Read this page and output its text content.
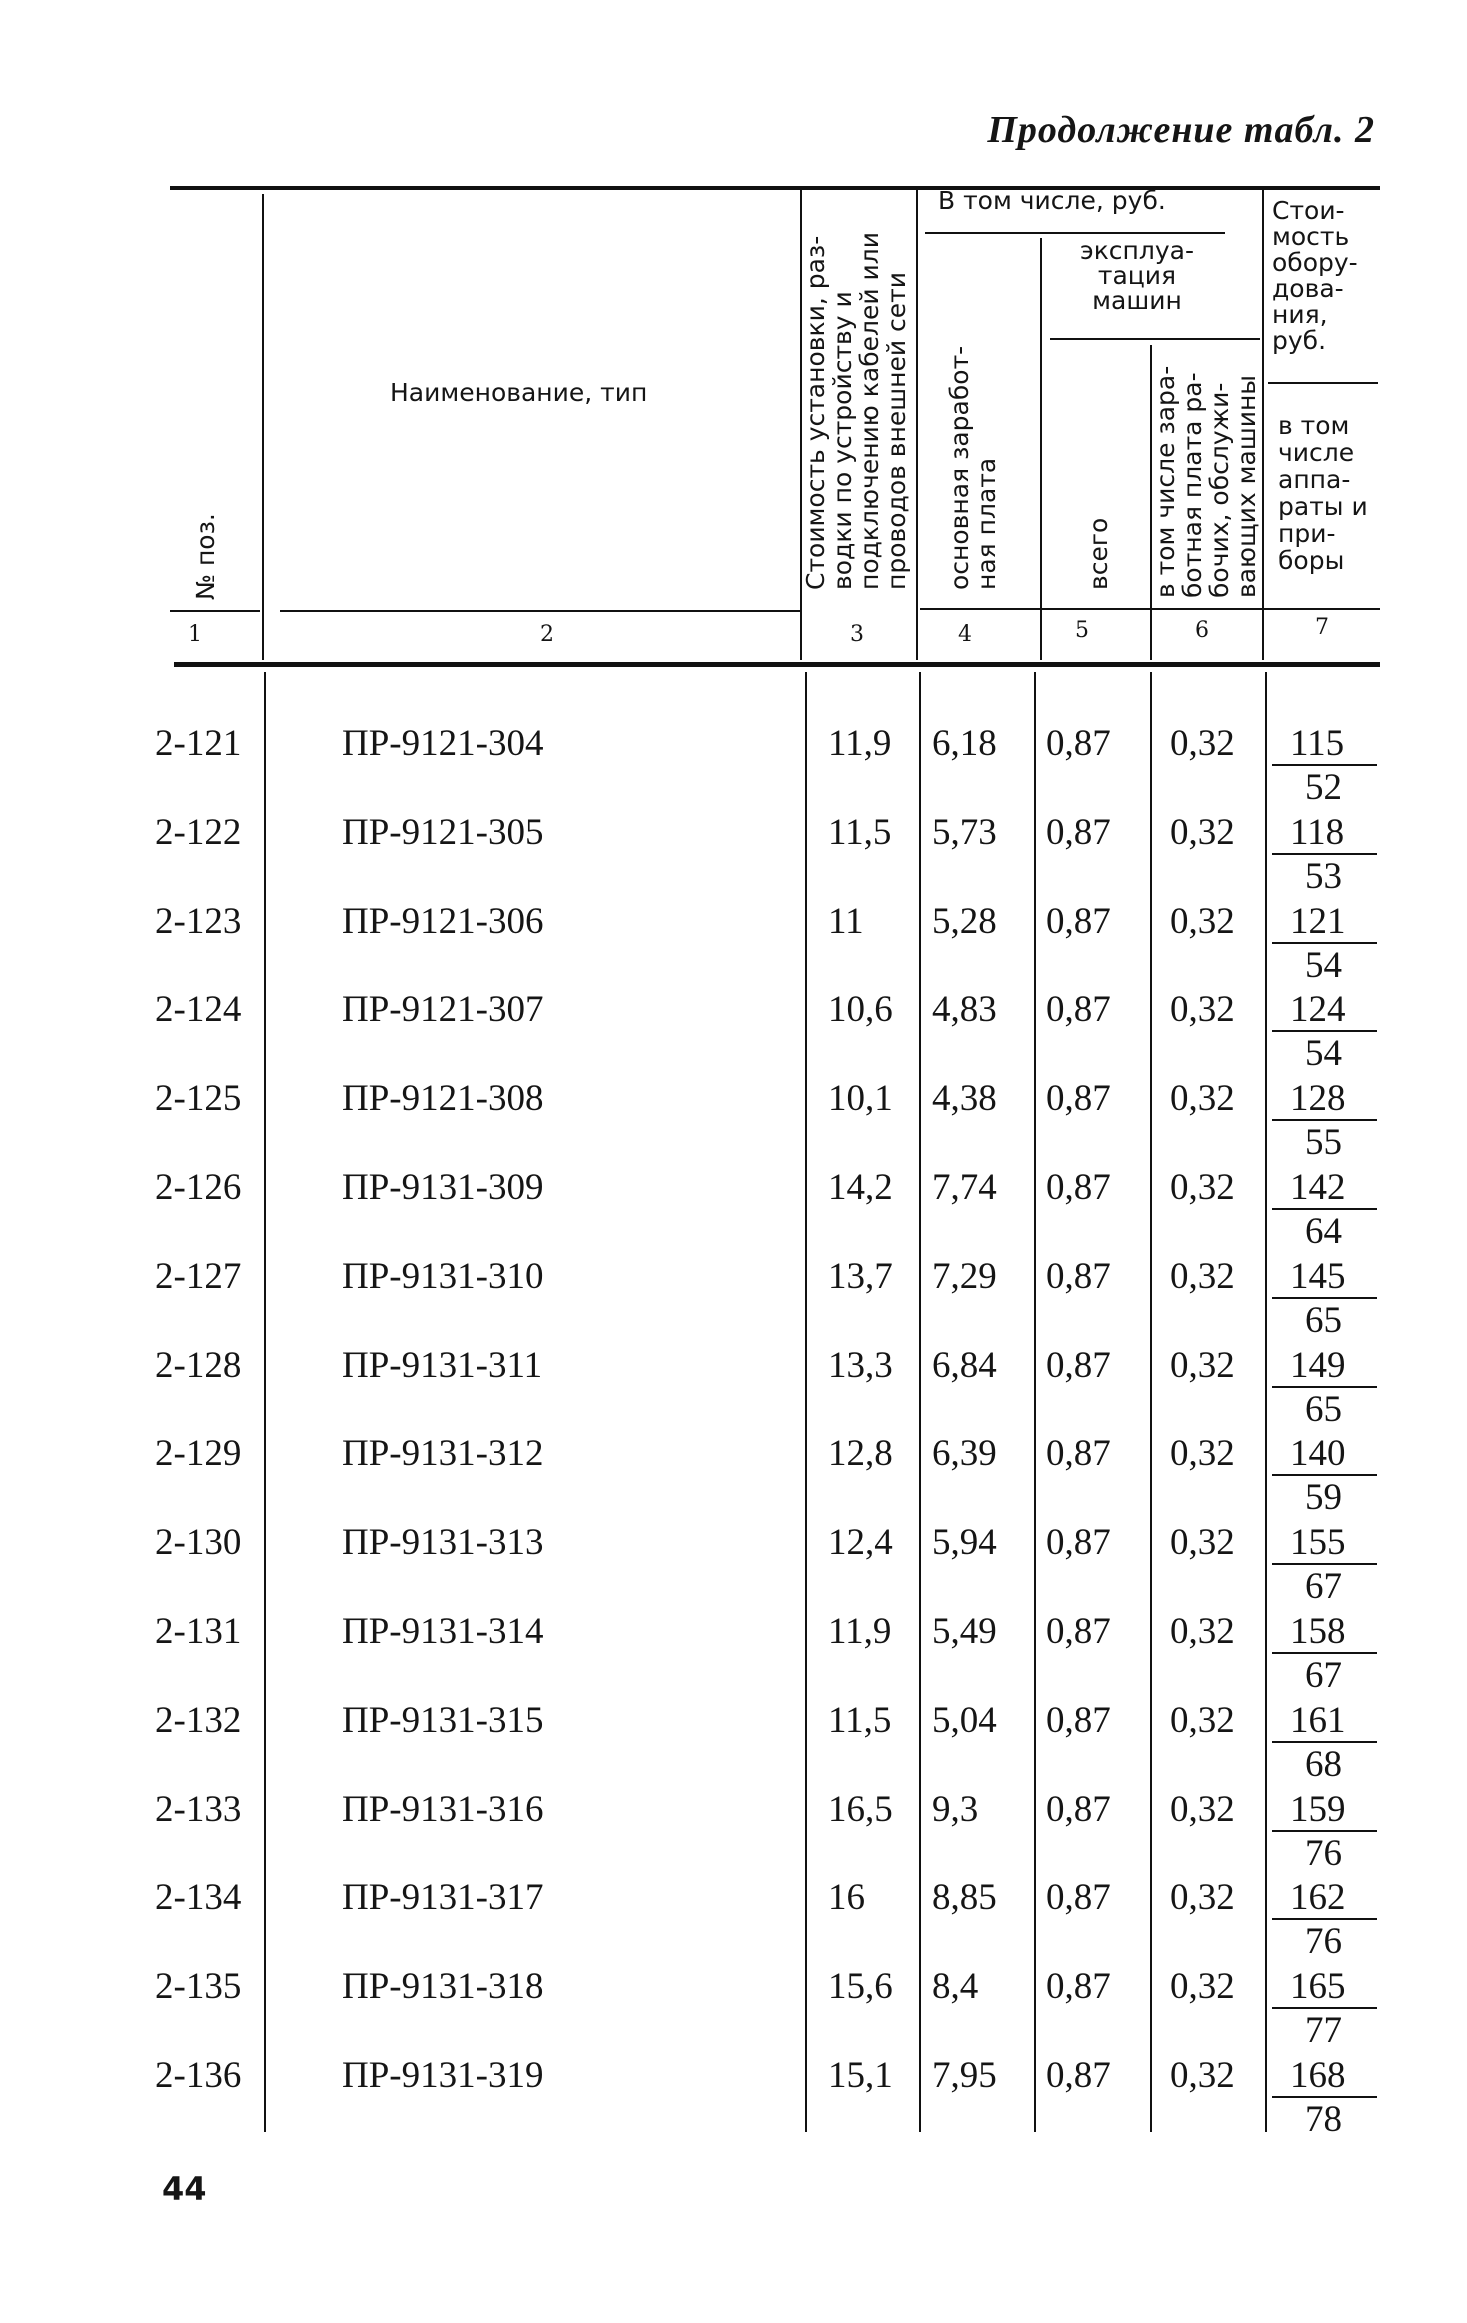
Продолжение табл. 2
№ поз.
Наименование, тип
Стоимость установки, раз-
водки по устройству и
подключению кабелей или
проводов внешней сети
В том числе, руб.
основная заработ-
ная плата
эксплуа-
тация
машин
всего
в том числе зара-
ботная плата ра-
бочих, обслужи-
вающих машины
Стои-
мость
обору-
дова-
ния,
руб.
в том
числе
аппа-
раты и
при-
боры
1	2	3	4	5	6	7
2-121	ПР-9121-304	11,9 6,18 0,87 0,32 115
52
2-122	ПР-9121-305	11,5 5,73 0,87 0,32 118
53
2-123	ПР-9121-306	11 5,28 0,87 0,32 121
54
2-124	ПР-9121-307	10,6 4,83 0,87 0,32 124
54
2-125	ПР-9121-308	10,1 4,38 0,87 0,32 128
55
2-126	ПР-9131-309	14,2 7,74 0,87 0,32 142
64
2-127	ПР-9131-310	13,7 7,29 0,87 0,32 145
65
2-128	ПР-9131-311	13,3 6,84 0,87 0,32 149
65
2-129	ПР-9131-312	12,8 6,39 0,87 0,32 140
59
2-130	ПР-9131-313	12,4 5,94 0,87 0,32 155
67
2-131	ПР-9131-314	11,9 5,49 0,87 0,32 158
67
2-132	ПР-9131-315	11,5 5,04 0,87 0,32 161
68
2-133	ПР-9131-316	16,5 9,3 0,87 0,32 159
76
2-134	ПР-9131-317	16 8,85 0,87 0,32 162
76
2-135	ПР-9131-318	15,6 8,4 0,87 0,32 165
77
2-136	ПР-9131-319	15,1 7,95 0,87 0,32 168
78
44
